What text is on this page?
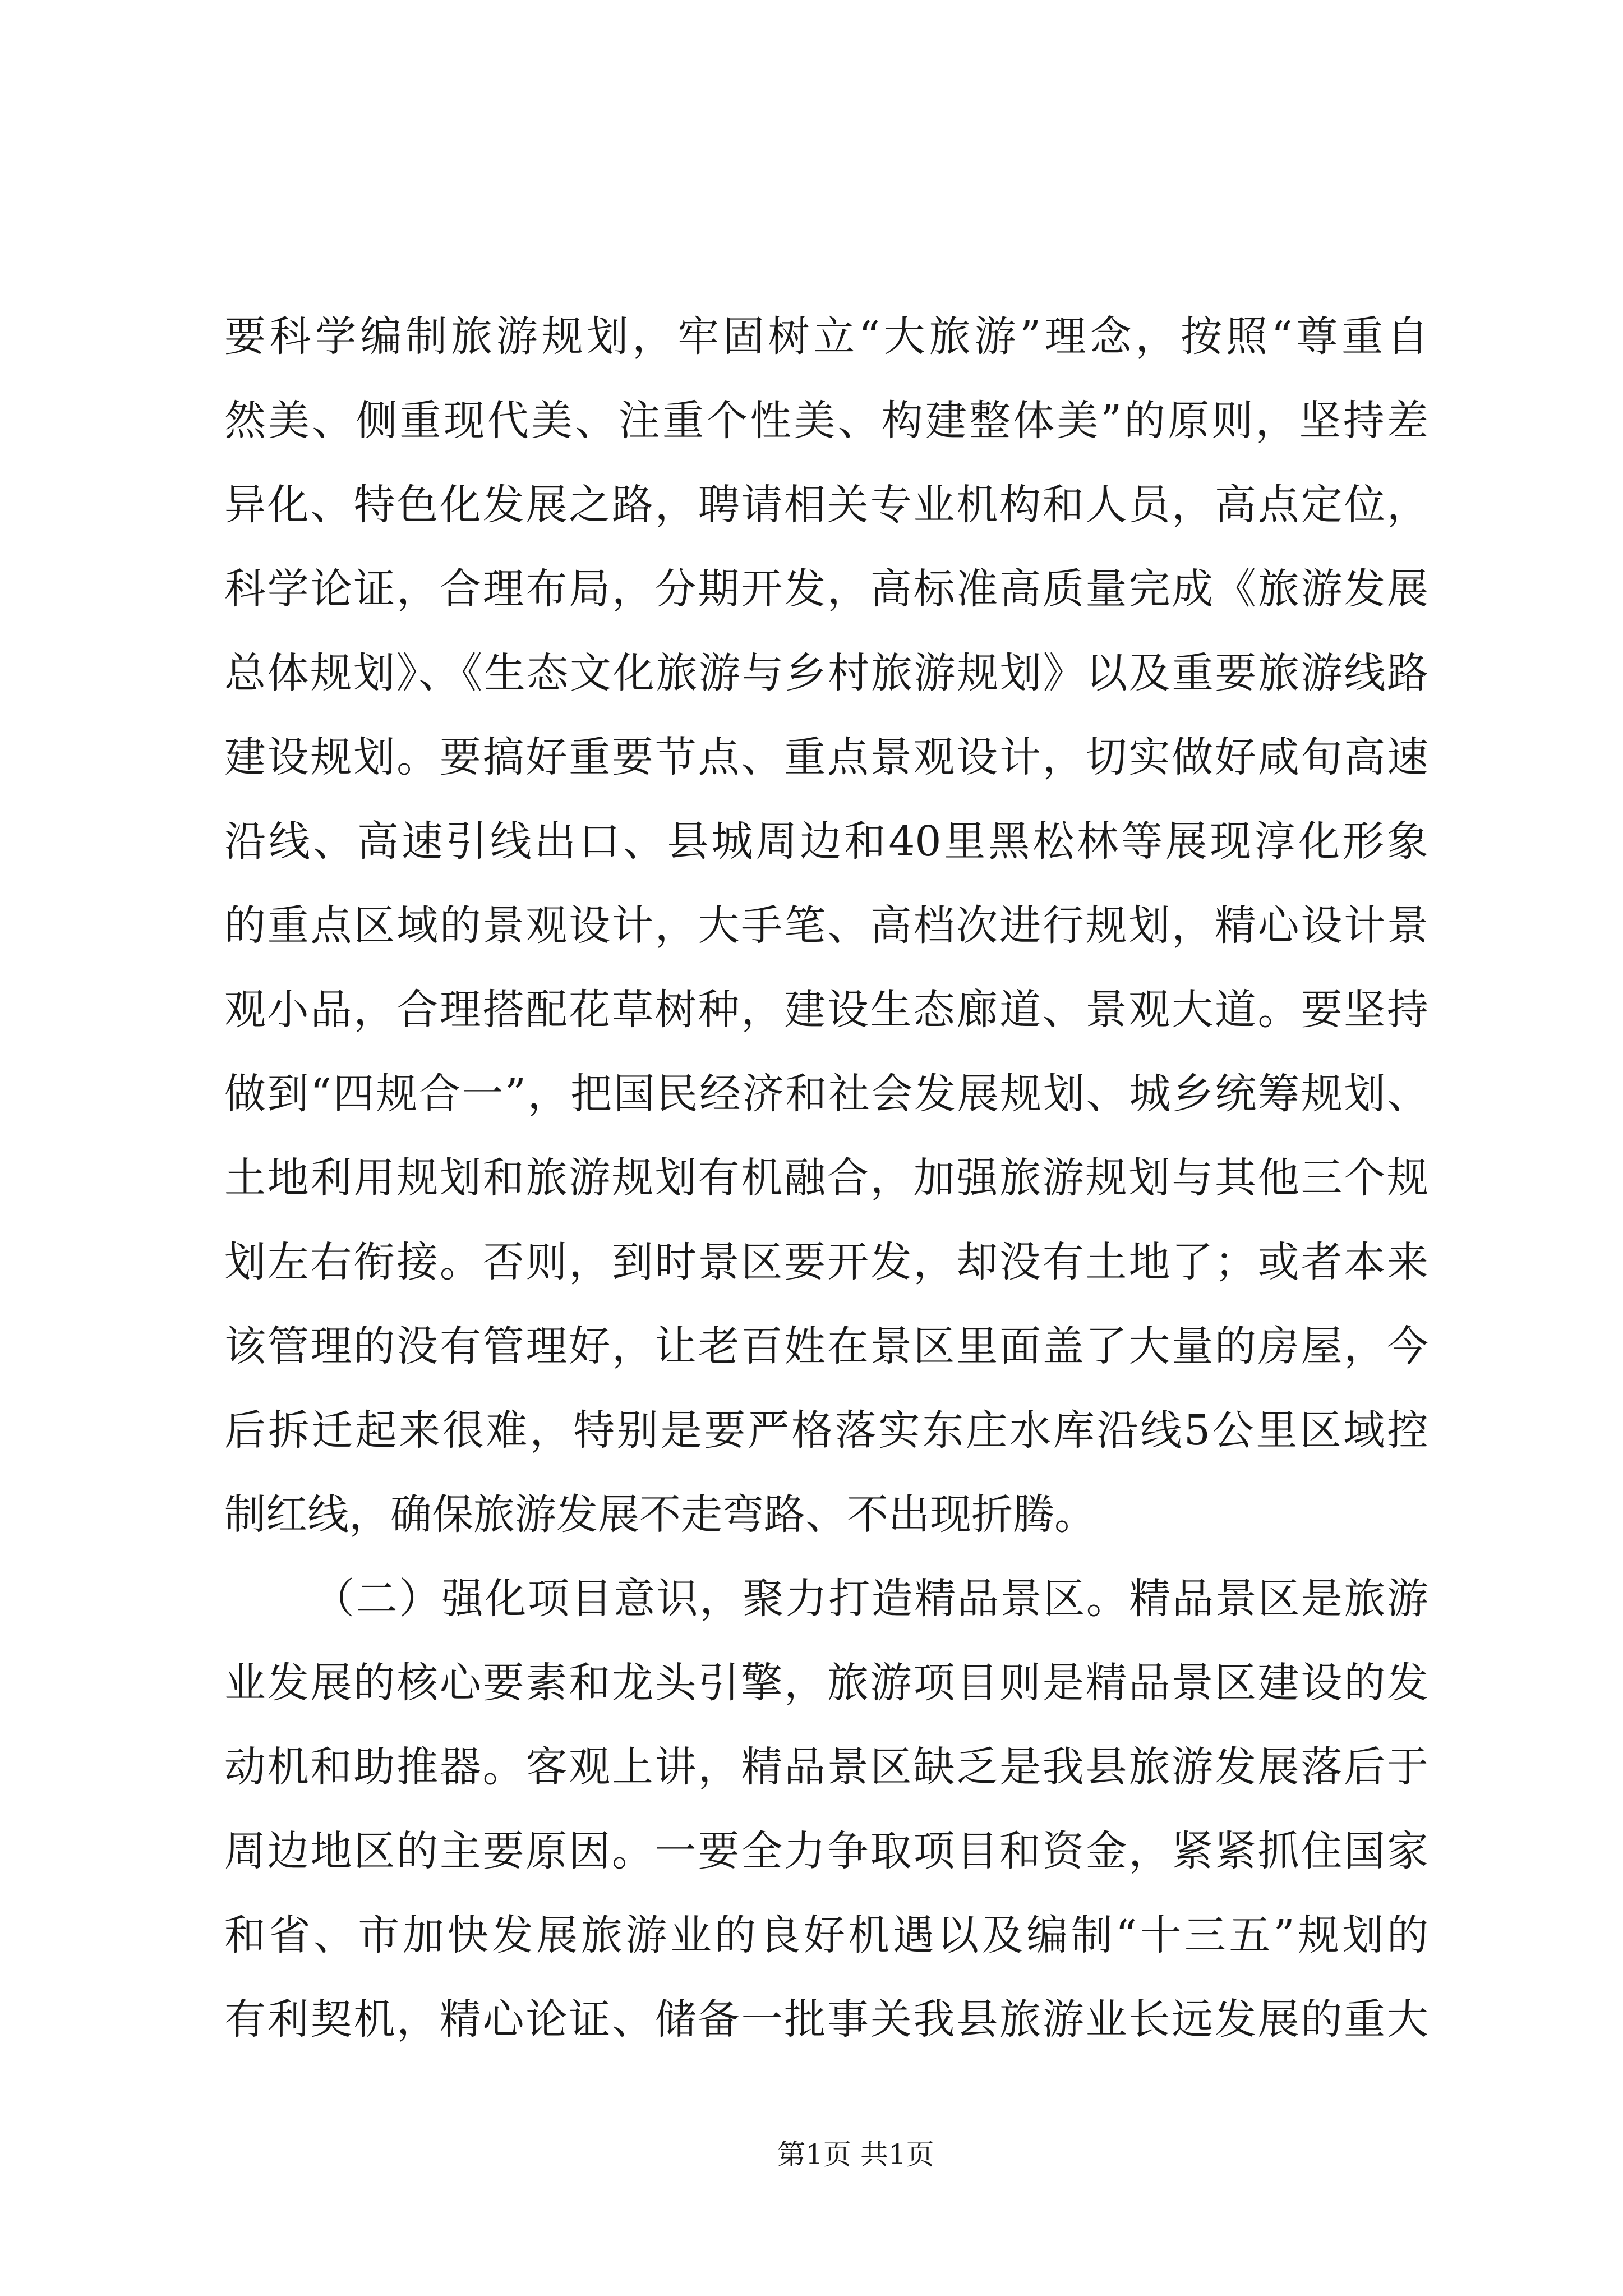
要科学编制旅游规划，牢固树立“大旅游”理念，按照“尊重自
然美、侧重现代美、注重个性美、构建整体美”的原则，坚持差
异化、特色化发展之路，聘请相关专业机构和人员，高点定位，
科学论证，合理布局，分期开发，高标准高质量完成《旅游发展
总体规划》、《生态文化旅游与乡村旅游规划》以及重要旅游线路
建设规划。要搞好重要节点、重点景观设计，切实做好咸旬高速
沿线、高速引线出口、县城周边和40里黑松林等展现淳化形象
的重点区域的景观设计，大手笔、高档次进行规划，精心设计景
观小品，合理搭配花草树种，建设生态廊道、景观大道。要坚持
做到“四规合一”，把国民经济和社会发展规划、城乡统筹规划、
土地利用规划和旅游规划有机融合，加强旅游规划与其他三个规
划左右衔接。否则，到时景区要开发，却没有土地了；或者本来
该管理的没有管理好，让老百姓在景区里面盖了大量的房屋，今
后拆迁起来很难，特别是要严格落实东庄水库沿线5公里区域控
制红线，确保旅游发展不走弯路、不出现折腾。
（二）强化项目意识，聚力打造精品景区。精品景区是旅游
业发展的核心要素和龙头引擎，旅游项目则是精品景区建设的发
动机和助推器。客观上讲，精品景区缺乏是我县旅游发展落后于
周边地区的主要原因。一要全力争取项目和资金，紧紧抓住国家
和省、市加快发展旅游业的良好机遇以及编制“十三五”规划的
有利契机，精心论证、储备一批事关我县旅游业长远发展的重大
第1页 共1页
